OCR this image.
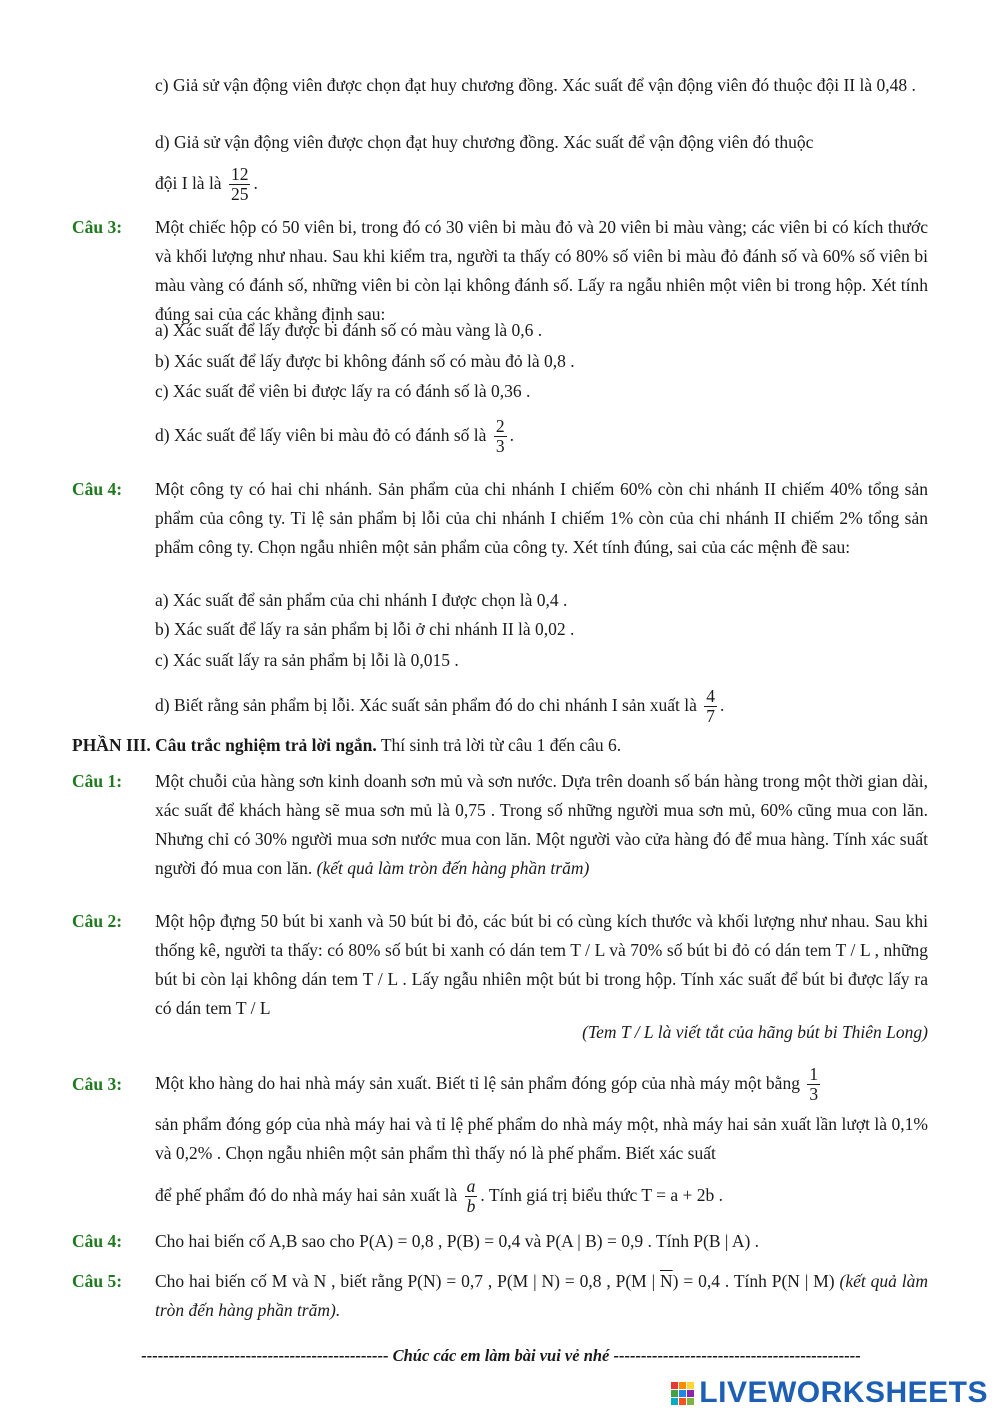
c) Giả sử vận động viên được chọn đạt huy chương đồng. Xác suất để vận động viên đó thuộc đội II là 0,48 .
d) Giả sử vận động viên được chọn đạt huy chương đồng. Xác suất để vận động viên đó thuộc
đội I là là $\frac{12}{25}$ .
Câu 3: Một chiếc hộp có 50 viên bi, trong đó có 30 viên bi màu đỏ và 20 viên bi màu vàng; các viên bi có kích thước và khối lượng như nhau. Sau khi kiểm tra, người ta thấy có 80% số viên bi màu đỏ đánh số và 60% số viên bi màu vàng có đánh số, những viên bi còn lại không đánh số. Lấy ra ngẫu nhiên một viên bi trong hộp. Xét tính đúng sai của các khẳng định sau:
a) Xác suất để lấy được bi đánh số có màu vàng là 0,6 .
b) Xác suất để lấy được bi không đánh số có màu đỏ là 0,8 .
c) Xác suất để viên bi được lấy ra có đánh số là 0,36 .
d) Xác suất để lấy viên bi màu đỏ có đánh số là $\frac{2}{3}$ .
Câu 4: Một công ty có hai chi nhánh. Sản phẩm của chi nhánh I chiếm 60% còn chi nhánh II chiếm 40% tổng sản phẩm của công ty. Tỉ lệ sản phẩm bị lỗi của chi nhánh I chiếm 1% còn của chi nhánh II chiếm 2% tổng sản phẩm công ty. Chọn ngẫu nhiên một sản phẩm của công ty. Xét tính đúng, sai của các mệnh đề sau:
a) Xác suất để sản phẩm của chi nhánh I được chọn là 0,4 .
b) Xác suất để lấy ra sản phẩm bị lỗi ở chi nhánh II là 0,02 .
c) Xác suất lấy ra sản phẩm bị lỗi là 0,015 .
d) Biết rằng sản phẩm bị lỗi. Xác suất sản phẩm đó do chi nhánh I sản xuất là $\frac{4}{7}$ .
PHẦN III. Câu trắc nghiệm trả lời ngắn. Thí sinh trả lời từ câu 1 đến câu 6.
Câu 1: Một chuỗi của hàng sơn kinh doanh sơn mủ và sơn nước. Dựa trên doanh số bán hàng trong một thời gian dài, xác suất để khách hàng sẽ mua sơn mủ là 0,75 . Trong số những người mua sơn mủ, 60% cũng mua con lăn. Nhưng chỉ có 30% người mua sơn nước mua con lăn. Một người vào cửa hàng đó để mua hàng. Tính xác suất người đó mua con lăn. (kết quả làm tròn đến hàng phần trăm)
Câu 2: Một hộp đựng 50 bút bi xanh và 50 bút bi đỏ, các bút bi có cùng kích thước và khối lượng như nhau. Sau khi thống kê, người ta thấy: có 80% số bút bi xanh có dán tem T / L và 70% số bút bi đỏ có dán tem T / L , những bút bi còn lại không dán tem T / L . Lấy ngẫu nhiên một bút bi trong hộp. Tính xác suất để bút bi được lấy ra có dán tem T / L
(Tem T / L là viết tắt của hãng bút bi Thiên Long)
Câu 3: Một kho hàng do hai nhà máy sản xuất. Biết tỉ lệ sản phẩm đóng góp của nhà máy một bằng $\frac{1}{3}$
sản phẩm đóng góp của nhà máy hai và tỉ lệ phế phẩm do nhà máy một, nhà máy hai sản xuất lần lượt là 0,1% và 0,2% . Chọn ngẫu nhiên một sản phẩm thì thấy nó là phế phẩm. Biết xác suất
để phế phẩm đó do nhà máy hai sản xuất là $\frac{a}{b}$ . Tính giá trị biểu thức T = a + 2b .
Câu 4: Cho hai biến cố A,B sao cho P(A) = 0,8 , P(B) = 0,4 và P(A | B) = 0,9 . Tính P(B | A) .
Câu 5: Cho hai biến cố M và N , biết rằng P(N) = 0,7 , P(M | N) = 0,8 , P(M | $\overline{N}) = 0,4$ . Tính P(N | M) (kết quả làm tròn đến hàng phần trăm).
--------------------------------------------- Chúc các em làm bài vui vẻ nhé ---------------------------------------------
LIVEWORKSHEETS
